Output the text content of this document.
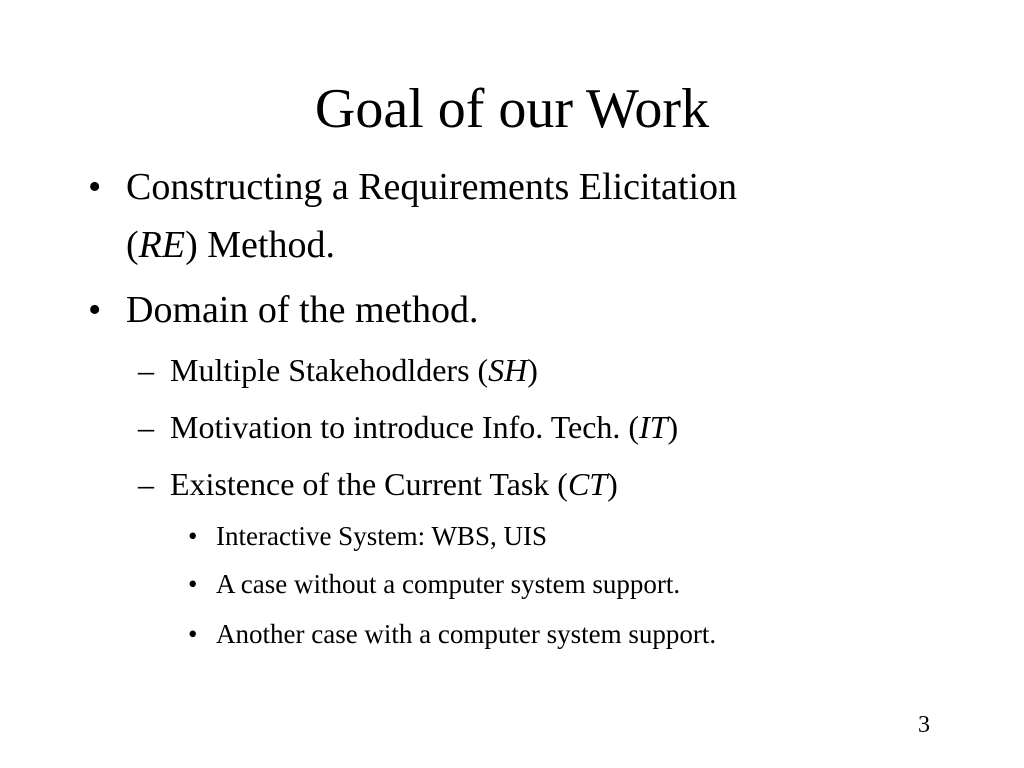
Goal of our Work
• Constructing a Requirements Elicitation
(RE) Method.
• Domain of the method.
– Multiple Stakehodlders (SH)
– Motivation to introduce Info. Tech. (IT)
– Existence of the Current Task (CT)
• Interactive System: WBS, UIS
• A case without a computer system support.
• Another case with a computer system support.
3
